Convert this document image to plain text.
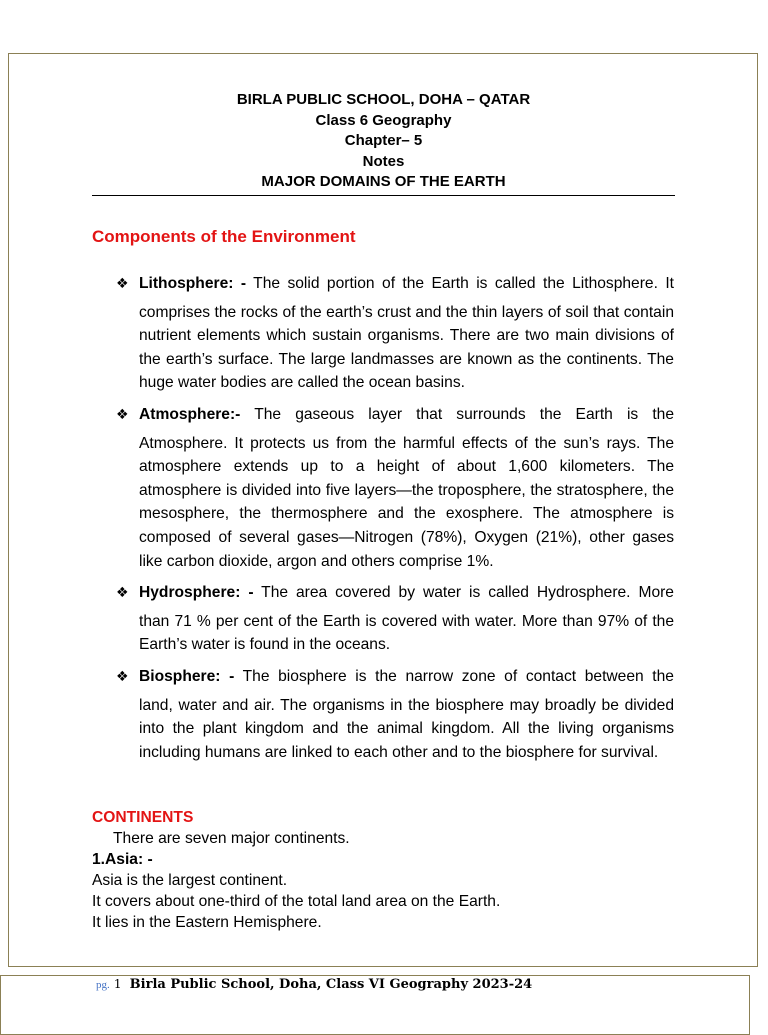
BIRLA PUBLIC SCHOOL, DOHA – QATAR
Class 6 Geography
Chapter– 5
Notes
MAJOR DOMAINS OF THE EARTH
Components of the Environment
❖ Lithosphere: - The solid portion of the Earth is called the Lithosphere. It
comprises the rocks of the earth’s crust and the thin layers of soil that contain nutrient elements which sustain organisms. There are two main divisions of the earth’s surface. The large landmasses are known as the continents. The huge water bodies are called the ocean basins.
❖ Atmosphere:- The gaseous layer that surrounds the Earth is the
Atmosphere. It protects us from the harmful effects of the sun’s rays. The atmosphere extends up to a height of about 1,600 kilometers. The atmosphere is divided into five layers—the troposphere, the stratosphere, the mesosphere, the thermosphere and the exosphere. The atmosphere is composed of several gases—Nitrogen (78%), Oxygen (21%), other gases like carbon dioxide, argon and others comprise 1%.
❖ Hydrosphere: - The area covered by water is called Hydrosphere. More
than 71 % per cent of the Earth is covered with water. More than 97% of the Earth’s water is found in the oceans.
❖ Biosphere: - The biosphere is the narrow zone of contact between the
land, water and air. The organisms in the biosphere may broadly be divided into the plant kingdom and the animal kingdom. All the living organisms including humans are linked to each other and to the biosphere for survival.
CONTINENTS
There are seven major continents.
1.Asia: -
Asia is the largest continent.
It covers about one-third of the total land area on the Earth.
It lies in the Eastern Hemisphere.
pg. 1 Birla Public School, Doha, Class VI Geography 2023-24
